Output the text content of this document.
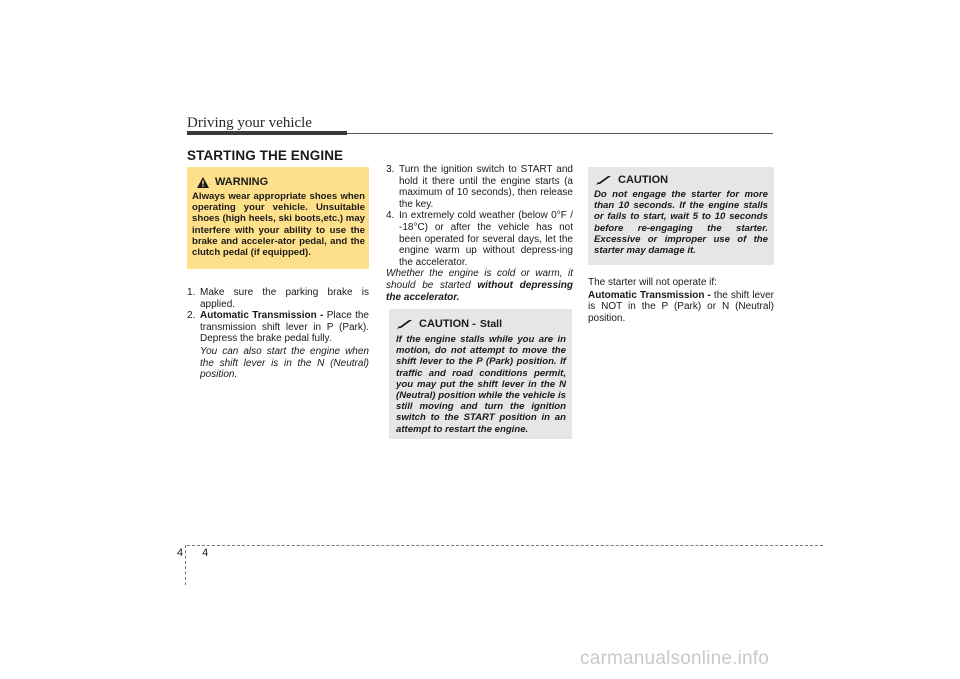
Driving your vehicle
STARTING THE ENGINE
WARNING
Always wear appropriate shoes when operating your vehicle. Unsuitable shoes (high heels, ski boots,etc.) may interfere with your ability to use the brake and acceler-ator pedal, and the clutch pedal (if equipped).
1. Make sure the parking brake is applied.
2. Automatic Transmission - Place the transmission shift lever in P (Park). Depress the brake pedal fully.
You can also start the engine when the shift lever is in the N (Neutral) position.
3. Turn the ignition switch to START and hold it there until the engine starts (a maximum of 10 seconds), then release the key.
4. In extremely cold weather (below 0°F / -18°C) or after the vehicle has not been operated for several days, let the engine warm up without depress-ing the accelerator.
Whether the engine is cold or warm, it should be started without depressing the accelerator.
CAUTION - Stall
If the engine stalls while you are in motion, do not attempt to move the shift lever to the P (Park) position. If traffic and road conditions permit, you may put the shift lever in the N (Neutral) position while the vehicle is still moving and turn the ignition switch to the START position in an attempt to restart the engine.
CAUTION
Do not engage the starter for more than 10 seconds. If the engine stalls or fails to start, wait 5 to 10 seconds before re-engaging the starter. Excessive or improper use of the starter may damage it.
The starter will not operate if:
Automatic Transmission - the shift lever is NOT in the P (Park) or N (Neutral) position.
4 4
carmanualsonline.info
